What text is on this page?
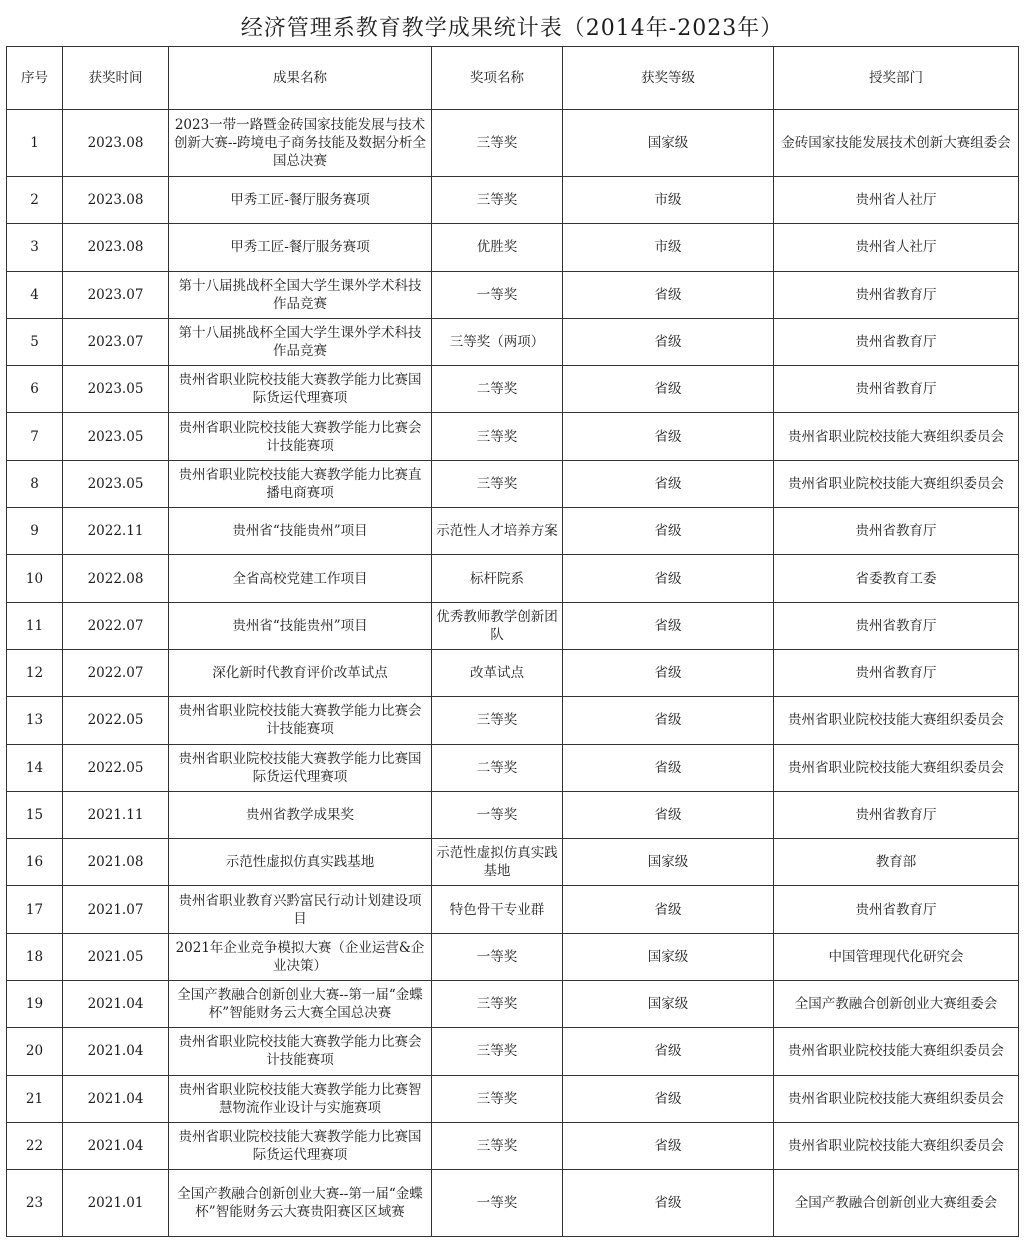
经济管理系教育教学成果统计表（2014年-2023年）
序号	获奖时间	成果名称	奖项名称	获奖等级	授奖部门
1	2023.08	2023一带一路暨金砖国家技能发展与技术创新大赛--跨境电子商务技能及数据分析全国总决赛	三等奖	国家级	金砖国家技能发展技术创新大赛组委会
2	2023.08	甲秀工匠-餐厅服务赛项	三等奖	市级	贵州省人社厅
3	2023.08	甲秀工匠-餐厅服务赛项	优胜奖	市级	贵州省人社厅
4	2023.07	第十八届挑战杯全国大学生课外学术科技作品竞赛	一等奖	省级	贵州省教育厅
5	2023.07	第十八届挑战杯全国大学生课外学术科技作品竞赛	三等奖（两项）	省级	贵州省教育厅
6	2023.05	贵州省职业院校技能大赛教学能力比赛国际货运代理赛项	二等奖	省级	贵州省教育厅
7	2023.05	贵州省职业院校技能大赛教学能力比赛会计技能赛项	三等奖	省级	贵州省职业院校技能大赛组织委员会
8	2023.05	贵州省职业院校技能大赛教学能力比赛直播电商赛项	三等奖	省级	贵州省职业院校技能大赛组织委员会
9	2022.11	贵州省“技能贵州”项目	示范性人才培养方案	省级	贵州省教育厅
10	2022.08	全省高校党建工作项目	标杆院系	省级	省委教育工委
11	2022.07	贵州省“技能贵州”项目	优秀教师教学创新团队	省级	贵州省教育厅
12	2022.07	深化新时代教育评价改革试点	改革试点	省级	贵州省教育厅
13	2022.05	贵州省职业院校技能大赛教学能力比赛会计技能赛项	三等奖	省级	贵州省职业院校技能大赛组织委员会
14	2022.05	贵州省职业院校技能大赛教学能力比赛国际货运代理赛项	二等奖	省级	贵州省职业院校技能大赛组织委员会
15	2021.11	贵州省教学成果奖	一等奖	省级	贵州省教育厅
16	2021.08	示范性虚拟仿真实践基地	示范性虚拟仿真实践基地	国家级	教育部
17	2021.07	贵州省职业教育兴黔富民行动计划建设项目	特色骨干专业群	省级	贵州省教育厅
18	2021.05	2021年企业竞争模拟大赛（企业运营&企业决策）	一等奖	国家级	中国管理现代化研究会
19	2021.04	全国产教融合创新创业大赛--第一届“金蝶杯”智能财务云大赛全国总决赛	三等奖	国家级	全国产教融合创新创业大赛组委会
20	2021.04	贵州省职业院校技能大赛教学能力比赛会计技能赛项	三等奖	省级	贵州省职业院校技能大赛组织委员会
21	2021.04	贵州省职业院校技能大赛教学能力比赛智慧物流作业设计与实施赛项	三等奖	省级	贵州省职业院校技能大赛组织委员会
22	2021.04	贵州省职业院校技能大赛教学能力比赛国际货运代理赛项	三等奖	省级	贵州省职业院校技能大赛组织委员会
23	2021.01	全国产教融合创新创业大赛--第一届“金蝶杯”智能财务云大赛贵阳赛区区域赛	一等奖	省级	全国产教融合创新创业大赛组委会
